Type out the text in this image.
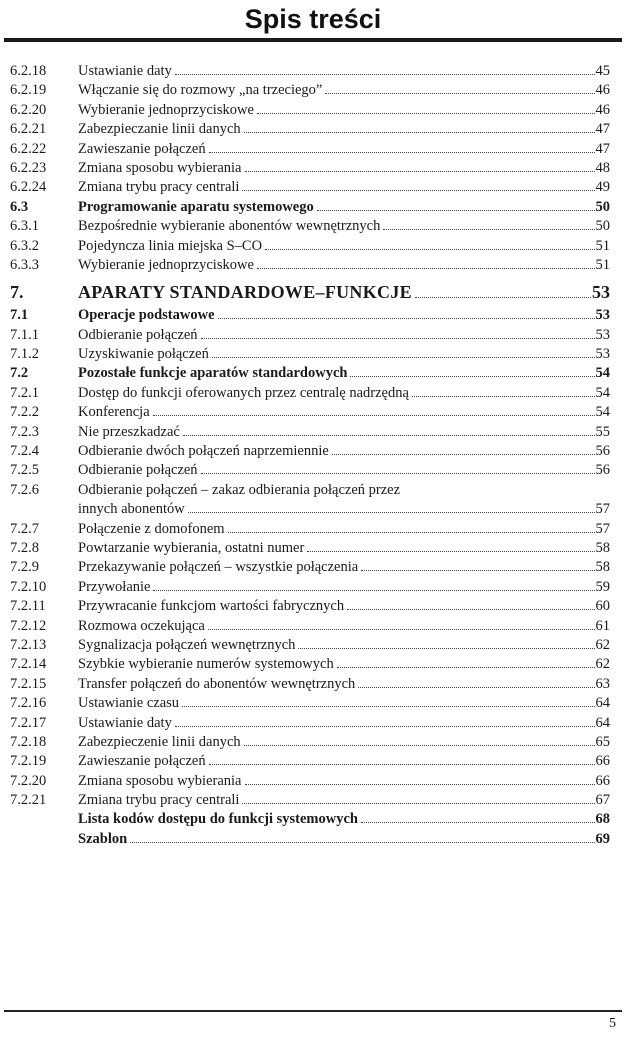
Spis treści
6.2.18	Ustawianie daty	45
6.2.19	Włączanie się do rozmowy „na trzeciego”	46
6.2.20	Wybieranie jednoprzyciskowe	46
6.2.21	Zabezpieczanie linii danych	47
6.2.22	Zawieszanie połączeń	47
6.2.23	Zmiana sposobu wybierania	48
6.2.24	Zmiana trybu pracy centrali	49
6.3	Programowanie aparatu systemowego	50
6.3.1	Bezpośrednie wybieranie abonentów wewnętrznych	50
6.3.2	Pojedyncza linia miejska S–CO	51
6.3.3	Wybieranie jednoprzyciskowe	51
7.	APARATY STANDARDOWE–FUNKCJE	53
7.1	Operacje podstawowe	53
7.1.1	Odbieranie połączeń	53
7.1.2	Uzyskiwanie połączeń	53
7.2	Pozostałe funkcje aparatów standardowych	54
7.2.1	Dostęp do funkcji oferowanych przez centralę nadrzędną	54
7.2.2	Konferencja	54
7.2.3	Nie przeszkadzać	55
7.2.4	Odbieranie dwóch połączeń naprzemiennie	56
7.2.5	Odbieranie połączeń	56
7.2.6	Odbieranie połączeń – zakaz odbierania połączeń przez
innych abonentów	57
7.2.7	Połączenie z domofonem	57
7.2.8	Powtarzanie wybierania, ostatni numer	58
7.2.9	Przekazywanie połączeń – wszystkie połączenia	58
7.2.10	Przywołanie	59
7.2.11	Przywracanie funkcjom wartości fabrycznych	60
7.2.12	Rozmowa oczekująca	61
7.2.13	Sygnalizacja połączeń wewnętrznych	62
7.2.14	Szybkie wybieranie numerów systemowych	62
7.2.15	Transfer połączeń do abonentów wewnętrznych	63
7.2.16	Ustawianie czasu	64
7.2.17	Ustawianie daty	64
7.2.18	Zabezpieczenie linii danych	65
7.2.19	Zawieszanie połączeń	66
7.2.20	Zmiana sposobu wybierania	66
7.2.21	Zmiana trybu pracy centrali	67
Lista kodów dostępu do funkcji systemowych	68
Szablon	69
5
